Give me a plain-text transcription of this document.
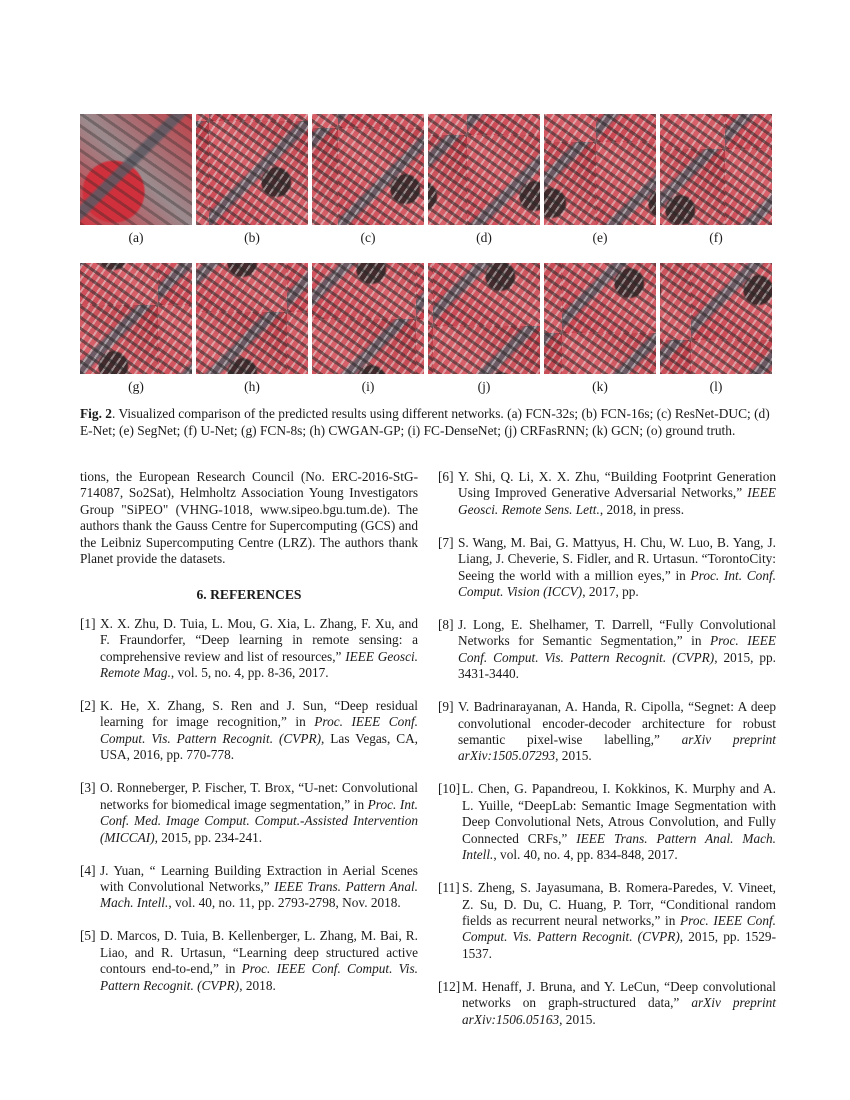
(a)	(b)	(c)	(d)	(e)	(f)
(g)	(h)	(i)	(j)	(k)	(l)
Fig. 2. Visualized comparison of the predicted results using different networks. (a) FCN-32s; (b) FCN-16s; (c) ResNet-DUC; (d) E-Net; (e) SegNet; (f) U-Net; (g) FCN-8s; (h) CWGAN-GP; (i) FC-DenseNet; (j) CRFasRNN; (k) GCN; (o) ground truth.

tions, the European Research Council (No. ERC-2016-StG-714087, So2Sat), Helmholtz Association Young Investigators Group "SiPEO" (VHNG-1018, www.sipeo.bgu.tum.de). The authors thank the Gauss Centre for Supercomputing (GCS) and the Leibniz Supercomputing Centre (LRZ). The authors thank Planet provide the datasets.

6. REFERENCES
[1] X. X. Zhu, D. Tuia, L. Mou, G. Xia, L. Zhang, F. Xu, and F. Fraundorfer, “Deep learning in remote sensing: a comprehensive review and list of resources,” IEEE Geosci. Remote Mag., vol. 5, no. 4, pp. 8-36, 2017.
[2] K. He, X. Zhang, S. Ren and J. Sun, “Deep residual learning for image recognition,” in Proc. IEEE Conf. Comput. Vis. Pattern Recognit. (CVPR), Las Vegas, CA, USA, 2016, pp. 770-778.
[3] O. Ronneberger, P. Fischer, T. Brox, “U-net: Convolutional networks for biomedical image segmentation,” in Proc. Int. Conf. Med. Image Comput. Comput.-Assisted Intervention (MICCAI), 2015, pp. 234-241.
[4] J. Yuan, “ Learning Building Extraction in Aerial Scenes with Convolutional Networks,” IEEE Trans. Pattern Anal. Mach. Intell., vol. 40, no. 11, pp. 2793-2798, Nov. 2018.
[5] D. Marcos, D. Tuia, B. Kellenberger, L. Zhang, M. Bai, R. Liao, and R. Urtasun, “Learning deep structured active contours end-to-end,” in Proc. IEEE Conf. Comput. Vis. Pattern Recognit. (CVPR), 2018.
[6] Y. Shi, Q. Li, X. X. Zhu, “Building Footprint Generation Using Improved Generative Adversarial Networks,” IEEE Geosci. Remote Sens. Lett., 2018, in press.
[7] S. Wang, M. Bai, G. Mattyus, H. Chu, W. Luo, B. Yang, J. Liang, J. Cheverie, S. Fidler, and R. Urtasun. “TorontoCity: Seeing the world with a million eyes,” in Proc. Int. Conf. Comput. Vision (ICCV), 2017, pp.
[8] J. Long, E. Shelhamer, T. Darrell, “Fully Convolutional Networks for Semantic Segmentation,” in Proc. IEEE Conf. Comput. Vis. Pattern Recognit. (CVPR), 2015, pp. 3431-3440.
[9] V. Badrinarayanan, A. Handa, R. Cipolla, “Segnet: A deep convolutional encoder-decoder architecture for robust semantic pixel-wise labelling,” arXiv preprint arXiv:1505.07293, 2015.
[10] L. Chen, G. Papandreou, I. Kokkinos, K. Murphy and A. L. Yuille, “DeepLab: Semantic Image Segmentation with Deep Convolutional Nets, Atrous Convolution, and Fully Connected CRFs,” IEEE Trans. Pattern Anal. Mach. Intell., vol. 40, no. 4, pp. 834-848, 2017.
[11] S. Zheng, S. Jayasumana, B. Romera-Paredes, V. Vineet, Z. Su, D. Du, C. Huang, P. Torr, “Conditional random fields as recurrent neural networks,” in Proc. IEEE Conf. Comput. Vis. Pattern Recognit. (CVPR), 2015, pp. 1529-1537.
[12] M. Henaff, J. Bruna, and Y. LeCun, “Deep convolutional networks on graph-structured data,” arXiv preprint arXiv:1506.05163, 2015.
